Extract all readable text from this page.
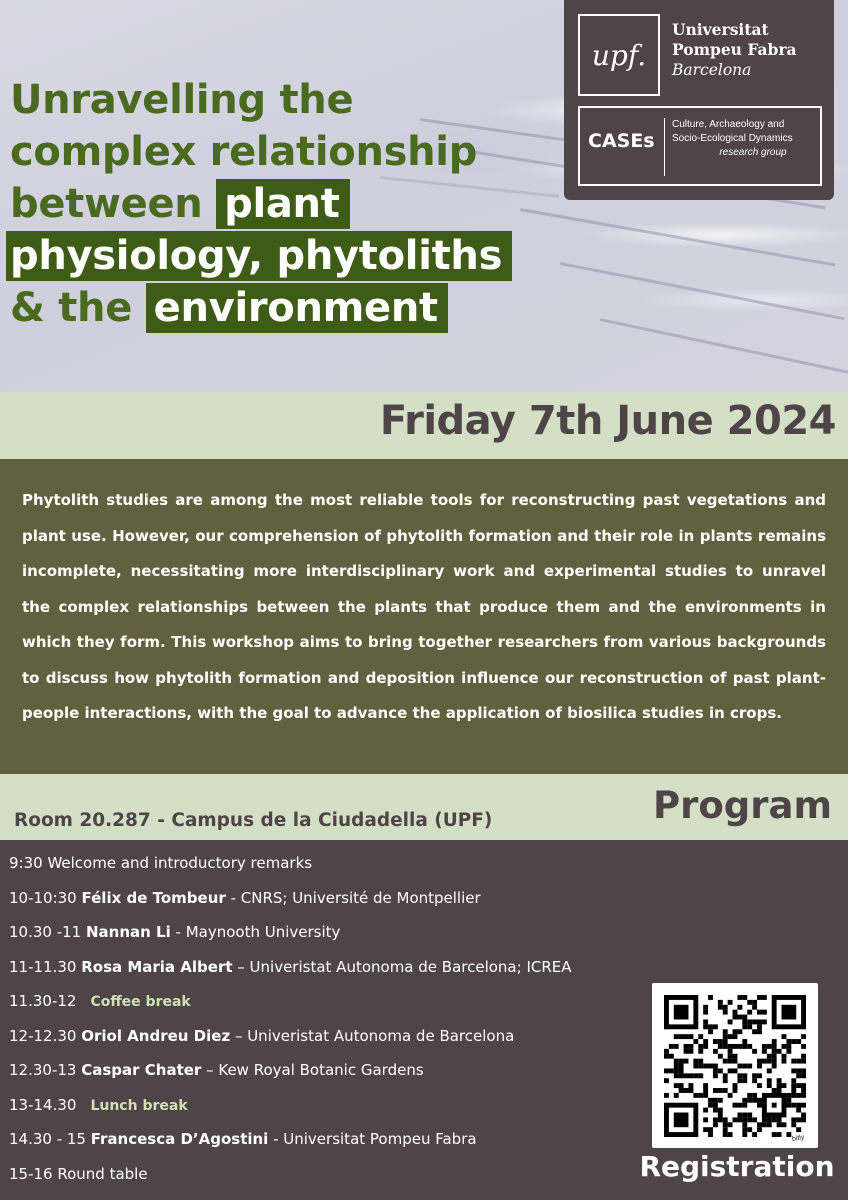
Unravelling the
complex relationship
between plant
physiology, phytoliths
& the environment
upf.
Universitat
Pompeu Fabra
Barcelona
CASEs
Culture, Archaeology and
Socio-Ecological Dynamics
research group
Friday 7th June 2024

Phytolith studies are among the most reliable tools for reconstructing past vegetations and plant use. However, our comprehension of phytolith formation and their role in plants remains incomplete, necessitating more interdisciplinary work and experimental studies to unravel the complex relationships between the plants that produce them and the environments in which they form. This workshop aims to bring together researchers from various backgrounds to discuss how phytolith formation and deposition influence our reconstruction of past plant-people interactions, with the goal to advance the application of biosilica studies in crops.

Room 20.287 - Campus de la Ciudadella (UPF)	Program
9:30 Welcome and introductory remarks
10-10:30 Félix de Tombeur - CNRS; Université de Montpellier
10.30 -11 Nannan Li - Maynooth University
11-11.30 Rosa Maria Albert – Univeristat Autonoma de Barcelona; ICREA
11.30-12 Coffee break
12-12.30 Oriol Andreu Diez – Univeristat Autonoma de Barcelona
12.30-13 Caspar Chater – Kew Royal Botanic Gardens
13-14.30 Lunch break
14.30 - 15 Francesca D’Agostini - Universitat Pompeu Fabra
15-16 Round table
bitly
Registration
